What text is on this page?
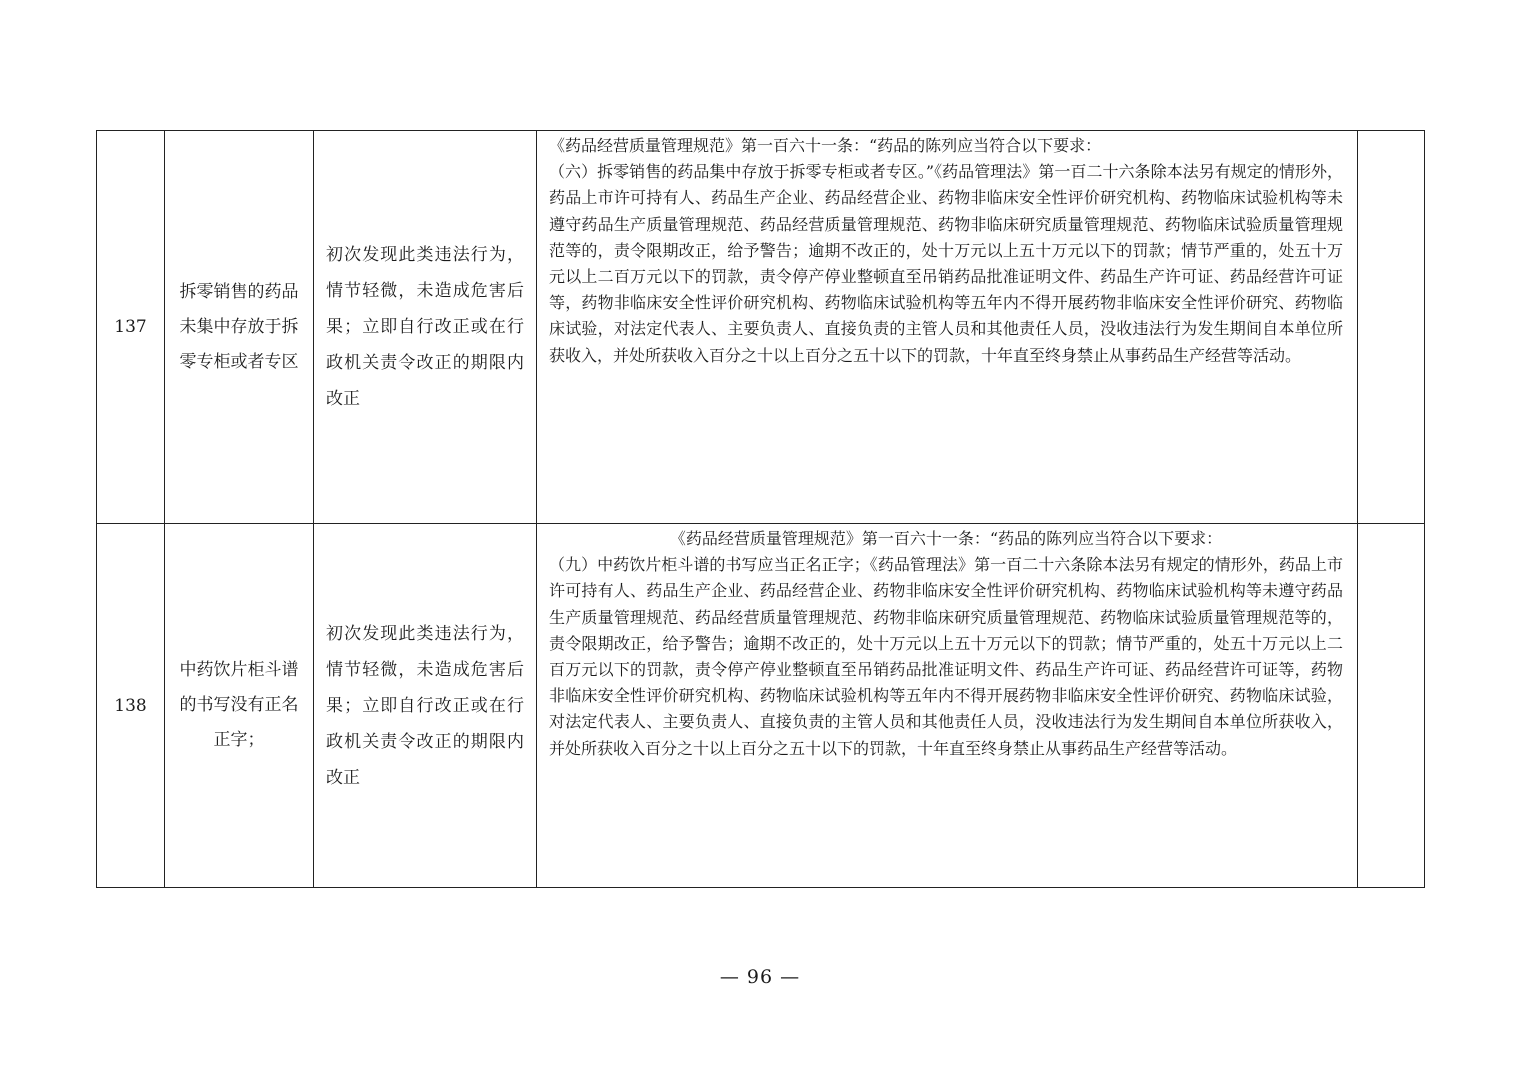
137	拆零销售的药品未集中存放于拆零专柜或者专区	初次发现此类违法行为，情节轻微，未造成危害后果；立即自行改正或在行政机关责令改正的期限内改正	《药品经营质量管理规范》第一百六十一条：“药品的陈列应当符合以下要求：
（六）拆零销售的药品集中存放于拆零专柜或者专区。”《药品管理法》第一百二十六条除本法另有规定的情形外，药品上市许可持有人、药品生产企业、药品经营企业、药物非临床安全性评价研究机构、药物临床试验机构等未遵守药品生产质量管理规范、药品经营质量管理规范、药物非临床研究质量管理规范、药物临床试验质量管理规范等的，责令限期改正，给予警告；逾期不改正的，处十万元以上五十万元以下的罚款；情节严重的，处五十万元以上二百万元以下的罚款，责令停产停业整顿直至吊销药品批准证明文件、药品生产许可证、药品经营许可证等，药物非临床安全性评价研究机构、药物临床试验机构等五年内不得开展药物非临床安全性评价研究、药物临床试验，对法定代表人、主要负责人、直接负责的主管人员和其他责任人员，没收违法行为发生期间自本单位所获收入，并处所获收入百分之十以上百分之五十以下的罚款，十年直至终身禁止从事药品生产经营等活动。	

138	中药饮片柜斗谱的书写没有正名正字；	初次发现此类违法行为，情节轻微，未造成危害后果；立即自行改正或在行政机关责令改正的期限内改正	《药品经营质量管理规范》第一百六十一条：“药品的陈列应当符合以下要求：
（九）中药饮片柜斗谱的书写应当正名正字；《药品管理法》第一百二十六条除本法另有规定的情形外，药品上市许可持有人、药品生产企业、药品经营企业、药物非临床安全性评价研究机构、药物临床试验机构等未遵守药品生产质量管理规范、药品经营质量管理规范、药物非临床研究质量管理规范、药物临床试验质量管理规范等的，责令限期改正，给予警告；逾期不改正的，处十万元以上五十万元以下的罚款；情节严重的，处五十万元以上二百万元以下的罚款，责令停产停业整顿直至吊销药品批准证明文件、药品生产许可证、药品经营许可证等，药物非临床安全性评价研究机构、药物临床试验机构等五年内不得开展药物非临床安全性评价研究、药物临床试验，对法定代表人、主要负责人、直接负责的主管人员和其他责任人员，没收违法行为发生期间自本单位所获收入，并处所获收入百分之十以上百分之五十以下的罚款，十年直至终身禁止从事药品生产经营等活动。	

— 96 —
